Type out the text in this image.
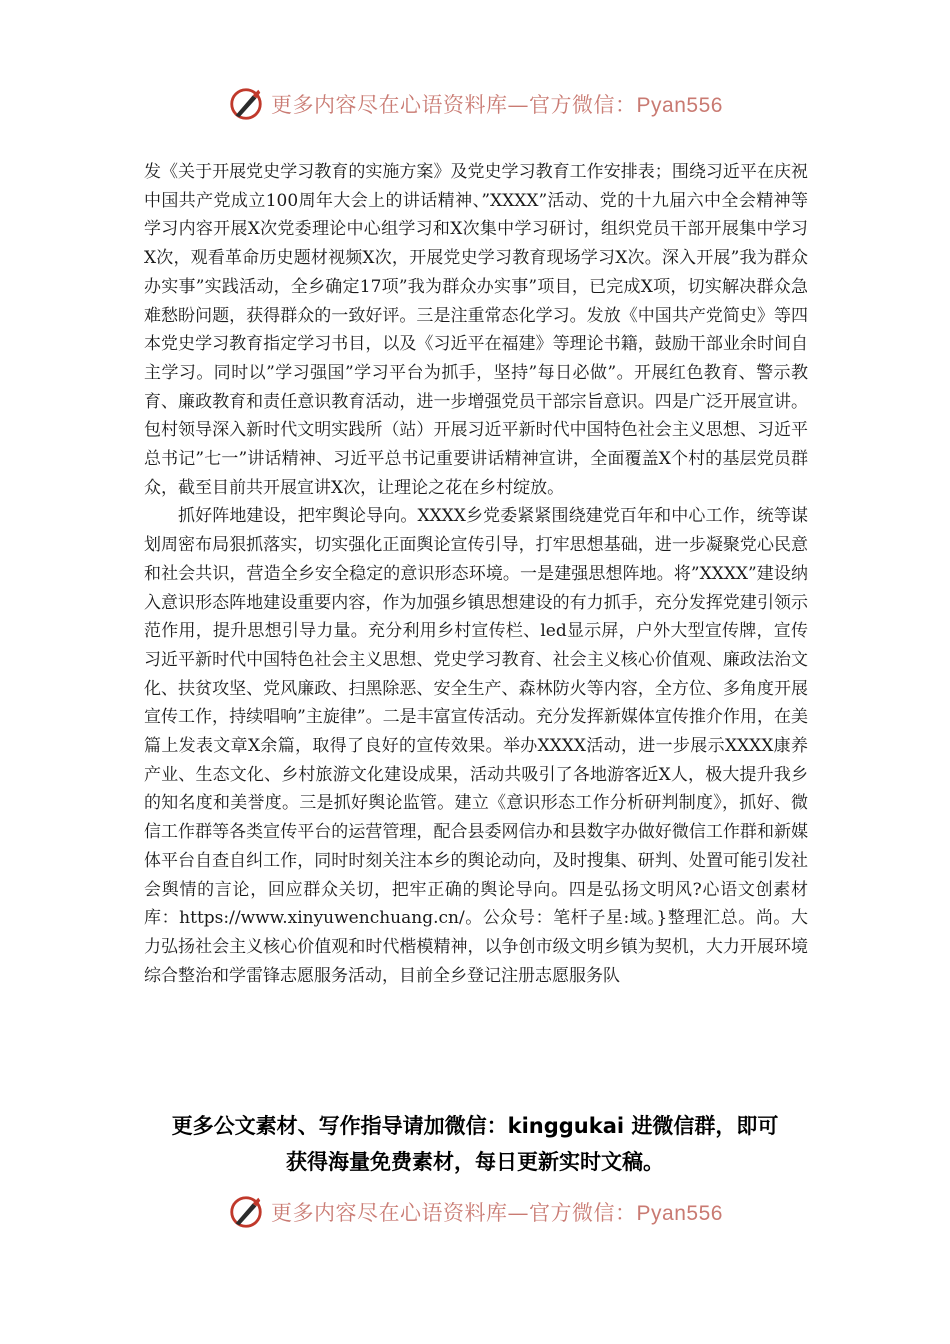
更多内容尽在心语资料库—官方微信：Pyan556

发《关于开展党史学习教育的实施方案》及党史学习教育工作安排表；围绕习近平在庆祝中国共产党成立100周年大会上的讲话精神、”XXXX”活动、党的十九届六中全会精神等学习内容开展X次党委理论中心组学习和X次集中学习研讨，组织党员干部开展集中学习X次，观看革命历史题材视频X次，开展党史学习教育现场学习X次。深入开展”我为群众办实事”实践活动，全乡确定17项”我为群众办实事”项目，已完成X项，切实解决群众急难愁盼问题，获得群众的一致好评。三是注重常态化学习。发放《中国共产党简史》等四本党史学习教育指定学习书目，以及《习近平在福建》等理论书籍，鼓励干部业余时间自主学习。同时以”学习强国”学习平台为抓手，坚持”每日必做”。开展红色教育、警示教育、廉政教育和责任意识教育活动，进一步增强党员干部宗旨意识。四是广泛开展宣讲。包村领导深入新时代文明实践所（站）开展习近平新时代中国特色社会主义思想、习近平总书记”七一”讲话精神、习近平总书记重要讲话精神宣讲，全面覆盖X个村的基层党员群众，截至目前共开展宣讲X次，让理论之花在乡村绽放。

抓好阵地建设，把牢舆论导向。XXXX乡党委紧紧围绕建党百年和中心工作，统等谋划周密布局狠抓落实，切实强化正面舆论宣传引导，打牢思想基础，进一步凝聚党心民意和社会共识，营造全乡安全稳定的意识形态环境。一是建强思想阵地。将”XXXX”建设纳入意识形态阵地建设重要内容，作为加强乡镇思想建设的有力抓手，充分发挥党建引领示范作用，提升思想引导力量。充分利用乡村宣传栏、led显示屏，户外大型宣传牌，宣传习近平新时代中国特色社会主义思想、党史学习教育、社会主义核心价值观、廉政法治文化、扶贫攻坚、党风廉政、扫黑除恶、安全生产、森林防火等内容，全方位、多角度开展宣传工作，持续唱响”主旋律”。二是丰富宣传活动。充分发挥新媒体宣传推介作用，在美篇上发表文章X余篇，取得了良好的宣传效果。举办XXXX活动，进一步展示XXXX康养产业、生态文化、乡村旅游文化建设成果，活动共吸引了各地游客近X人，极大提升我乡的知名度和美誉度。三是抓好舆论监管。建立《意识形态工作分析研判制度》，抓好、微信工作群等各类宣传平台的运营管理，配合县委网信办和县数字办做好微信工作群和新媒体平台自查自纠工作，同时时刻关注本乡的舆论动向，及时搜集、研判、处置可能引发社会舆情的言论，回应群众关切，把牢正确的舆论导向。四是弘扬文明风?心语文创素材库：https://www.xinyuwenchuang.cn/。公众号：笔杆子星:域。}整理汇总。尚。大力弘扬社会主义核心价值观和时代楷模精神，以争创市级文明乡镇为契机，大力开展环境综合整治和学雷锋志愿服务活动，目前全乡登记注册志愿服务队

更多公文素材、写作指导请加微信：kinggukai 进微信群，即可
获得海量免费素材，每日更新实时文稿。
更多内容尽在心语资料库—官方微信：Pyan556
